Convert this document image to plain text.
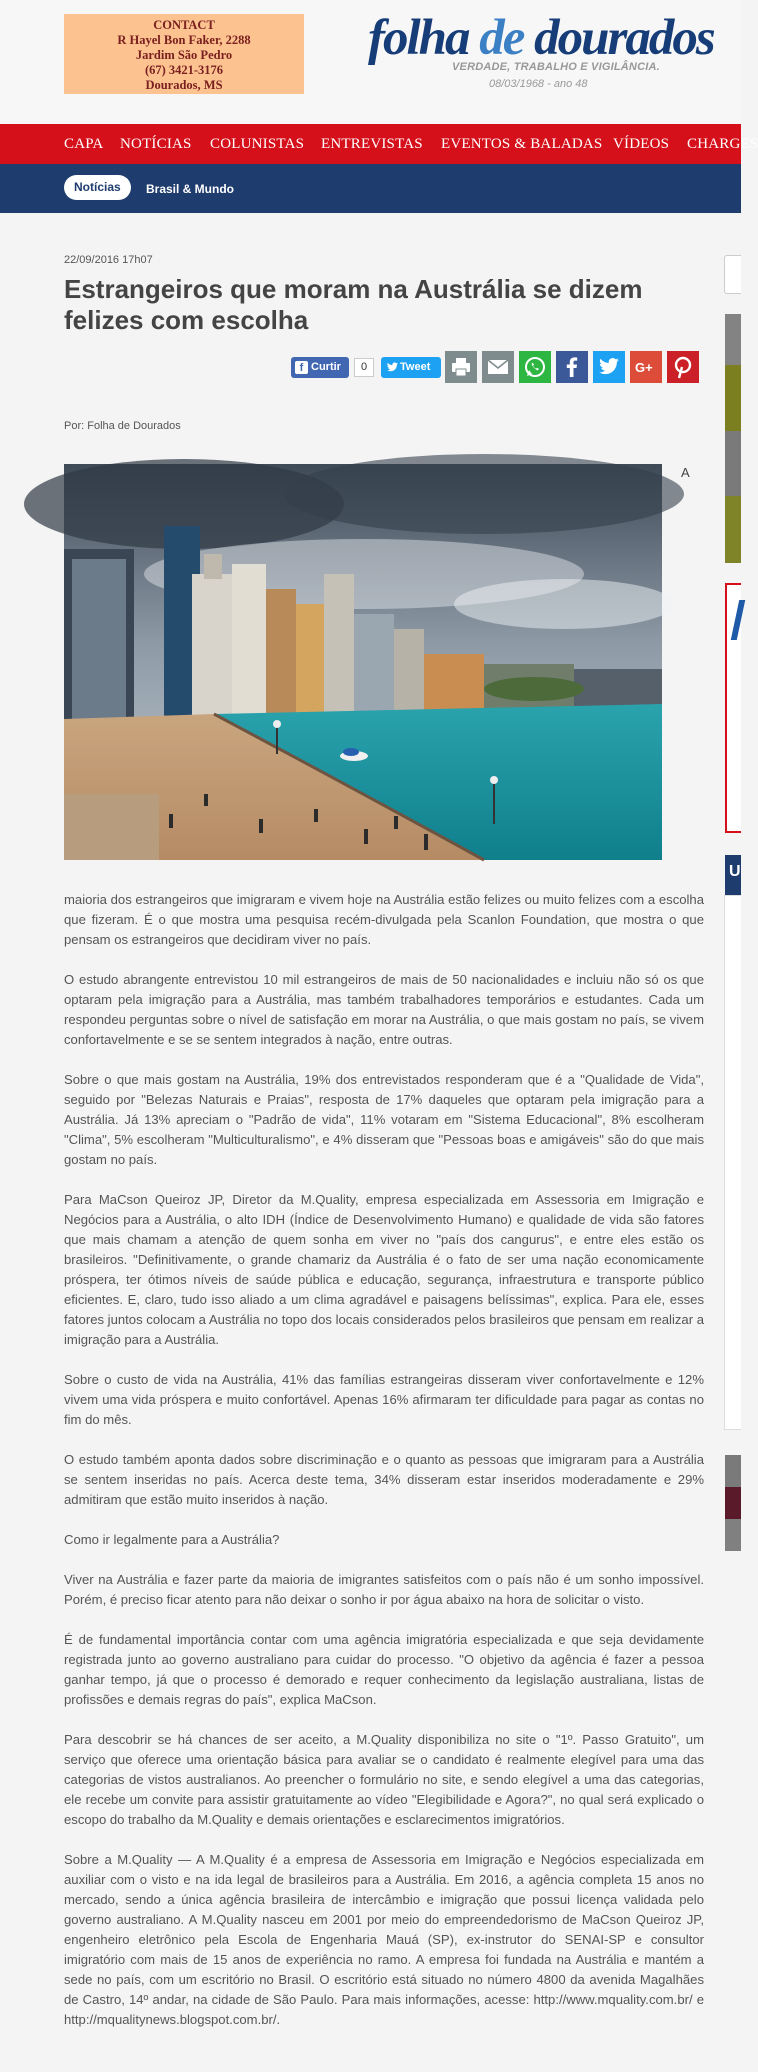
CONTACT
R Hayel Bon Faker, 2288
Jardim São Pedro
(67) 3421-3176
Dourados, MS
folha de dourados
VERDADE, TRABALHO E VIGILÂNCIA.
08/03/1968 - ano 48
CAPA NOTÍCIAS COLUNISTAS ENTREVISTAS EVENTOS & BALADAS VÍDEOS CHARGES
Notícias	Brasil & Mundo
22/09/2016 17h07
Estrangeiros que moram na Austrália se dizem felizes com escolha
f Curtir	0	Tweet	G+
Por: Folha de Dourados
A

maioria dos estrangeiros que imigraram e vivem hoje na Austrália estão felizes ou muito felizes com a escolha que fizeram. É o que mostra uma pesquisa recém-divulgada pela Scanlon Foundation, que mostra o que pensam os estrangeiros que decidiram viver no país.

O estudo abrangente entrevistou 10 mil estrangeiros de mais de 50 nacionalidades e incluiu não só os que optaram pela imigração para a Austrália, mas também trabalhadores temporários e estudantes. Cada um respondeu perguntas sobre o nível de satisfação em morar na Austrália, o que mais gostam no país, se vivem confortavelmente e se se sentem integrados à nação, entre outras.

Sobre o que mais gostam na Austrália, 19% dos entrevistados responderam que é a "Qualidade de Vida", seguido por "Belezas Naturais e Praias", resposta de 17% daqueles que optaram pela imigração para a Austrália. Já 13% apreciam o "Padrão de vida", 11% votaram em "Sistema Educacional", 8% escolheram "Clima", 5% escolheram "Multiculturalismo", e 4% disseram que "Pessoas boas e amigáveis" são do que mais gostam no país.

Para MaCson Queiroz JP, Diretor da M.Quality, empresa especializada em Assessoria em Imigração e Negócios para a Austrália, o alto IDH (Índice de Desenvolvimento Humano) e qualidade de vida são fatores que mais chamam a atenção de quem sonha em viver no "país dos cangurus", e entre eles estão os brasileiros. "Definitivamente, o grande chamariz da Austrália é o fato de ser uma nação economicamente próspera, ter ótimos níveis de saúde pública e educação, segurança, infraestrutura e transporte público eficientes. E, claro, tudo isso aliado a um clima agradável e paisagens belíssimas", explica. Para ele, esses fatores juntos colocam a Austrália no topo dos locais considerados pelos brasileiros que pensam em realizar a imigração para a Austrália.

Sobre o custo de vida na Austrália, 41% das famílias estrangeiras disseram viver confortavelmente e 12% vivem uma vida próspera e muito confortável. Apenas 16% afirmaram ter dificuldade para pagar as contas no fim do mês.

O estudo também aponta dados sobre discriminação e o quanto as pessoas que imigraram para a Austrália se sentem inseridas no país. Acerca deste tema, 34% disseram estar inseridos moderadamente e 29% admitiram que estão muito inseridos à nação.

Como ir legalmente para a Austrália?

Viver na Austrália e fazer parte da maioria de imigrantes satisfeitos com o país não é um sonho impossível. Porém, é preciso ficar atento para não deixar o sonho ir por água abaixo na hora de solicitar o visto.

É de fundamental importância contar com uma agência imigratória especializada e que seja devidamente registrada junto ao governo australiano para cuidar do processo. "O objetivo da agência é fazer a pessoa ganhar tempo, já que o processo é demorado e requer conhecimento da legislação australiana, listas de profissões e demais regras do país", explica MaCson.

Para descobrir se há chances de ser aceito, a M.Quality disponibiliza no site o "1º. Passo Gratuito", um serviço que oferece uma orientação básica para avaliar se o candidato é realmente elegível para uma das categorias de vistos australianos. Ao preencher o formulário no site, e sendo elegível a uma das categorias, ele recebe um convite para assistir gratuitamente ao vídeo "Elegibilidade e Agora?", no qual será explicado o escopo do trabalho da M.Quality e demais orientações e esclarecimentos imigratórios.

Sobre a M.Quality — A M.Quality é a empresa de Assessoria em Imigração e Negócios especializada em auxiliar com o visto e na ida legal de brasileiros para a Austrália. Em 2016, a agência completa 15 anos no mercado, sendo a única agência brasileira de intercâmbio e imigração que possui licença validada pelo governo australiano. A M.Quality nasceu em 2001 por meio do empreendedorismo de MaCson Queiroz JP, engenheiro eletrônico pela Escola de Engenharia Mauá (SP), ex-instrutor do SENAI-SP e consultor imigratório com mais de 15 anos de experiência no ramo. A empresa foi fundada na Austrália e mantém a sede no país, com um escritório no Brasil. O escritório está situado no número 4800 da avenida Magalhães de Castro, 14º andar, na cidade de São Paulo. Para mais informações, acesse: http://www.mquality.com.br/ e http://mqualitynews.blogspot.com.br/.

U
